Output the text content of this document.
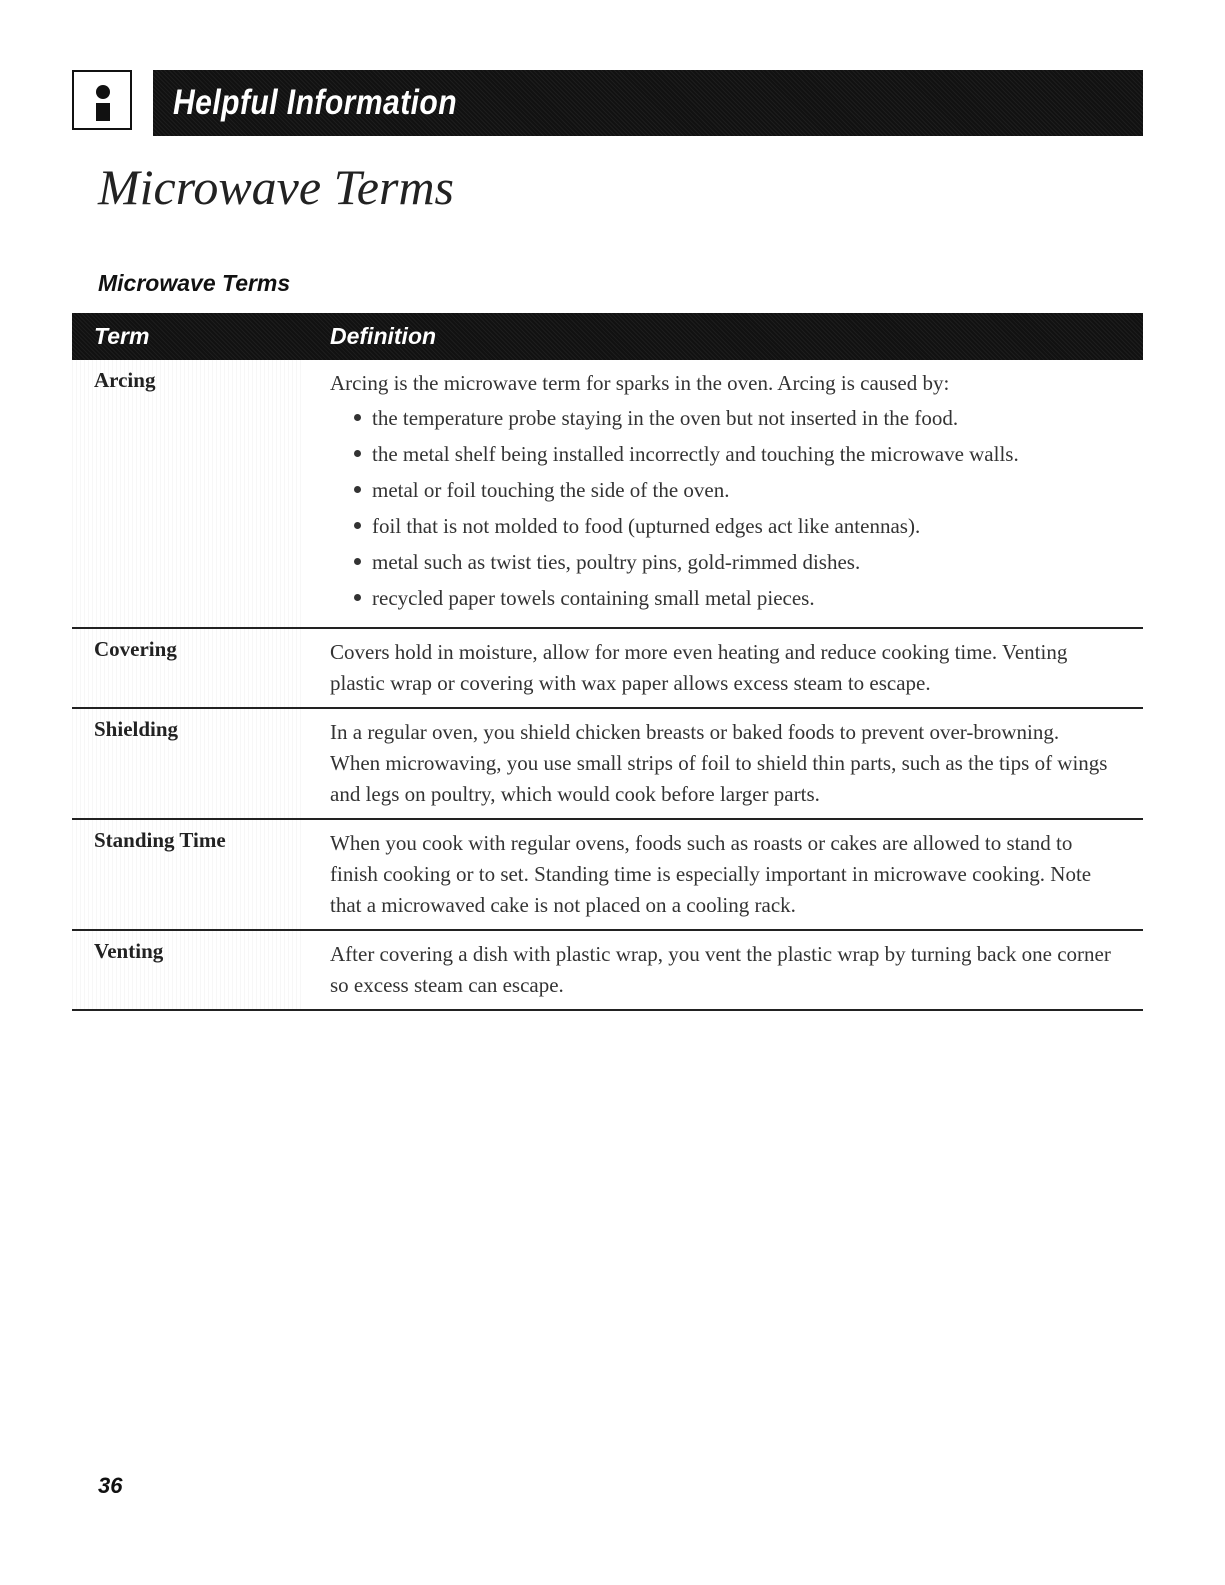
Helpful Information
Microwave Terms
Microwave Terms
Term	Definition
Arcing	Arcing is the microwave term for sparks in the oven. Arcing is caused by:

the temperature probe staying in the oven but not inserted in the food.
the metal shelf being installed incorrectly and touching the microwave walls.
metal or foil touching the side of the oven.
foil that is not molded to food (upturned edges act like antennas).
metal such as twist ties, poultry pins, gold-rimmed dishes.
recycled paper towels containing small metal pieces.
Covering	Covers hold in moisture, allow for more even heating and reduce cooking time. Venting plastic wrap or covering with wax paper allows excess steam to escape.

Shielding	In a regular oven, you shield chicken breasts or baked foods to prevent over-browning. When microwaving, you use small strips of foil to shield thin parts, such as the tips of wings and legs on poultry, which would cook before larger parts.

Standing Time	When you cook with regular ovens, foods such as roasts or cakes are allowed to stand to finish cooking or to set. Standing time is especially important in microwave cooking. Note that a microwaved cake is not placed on a cooling rack.

Venting	After covering a dish with plastic wrap, you vent the plastic wrap by turning back one corner so excess steam can escape.

36
